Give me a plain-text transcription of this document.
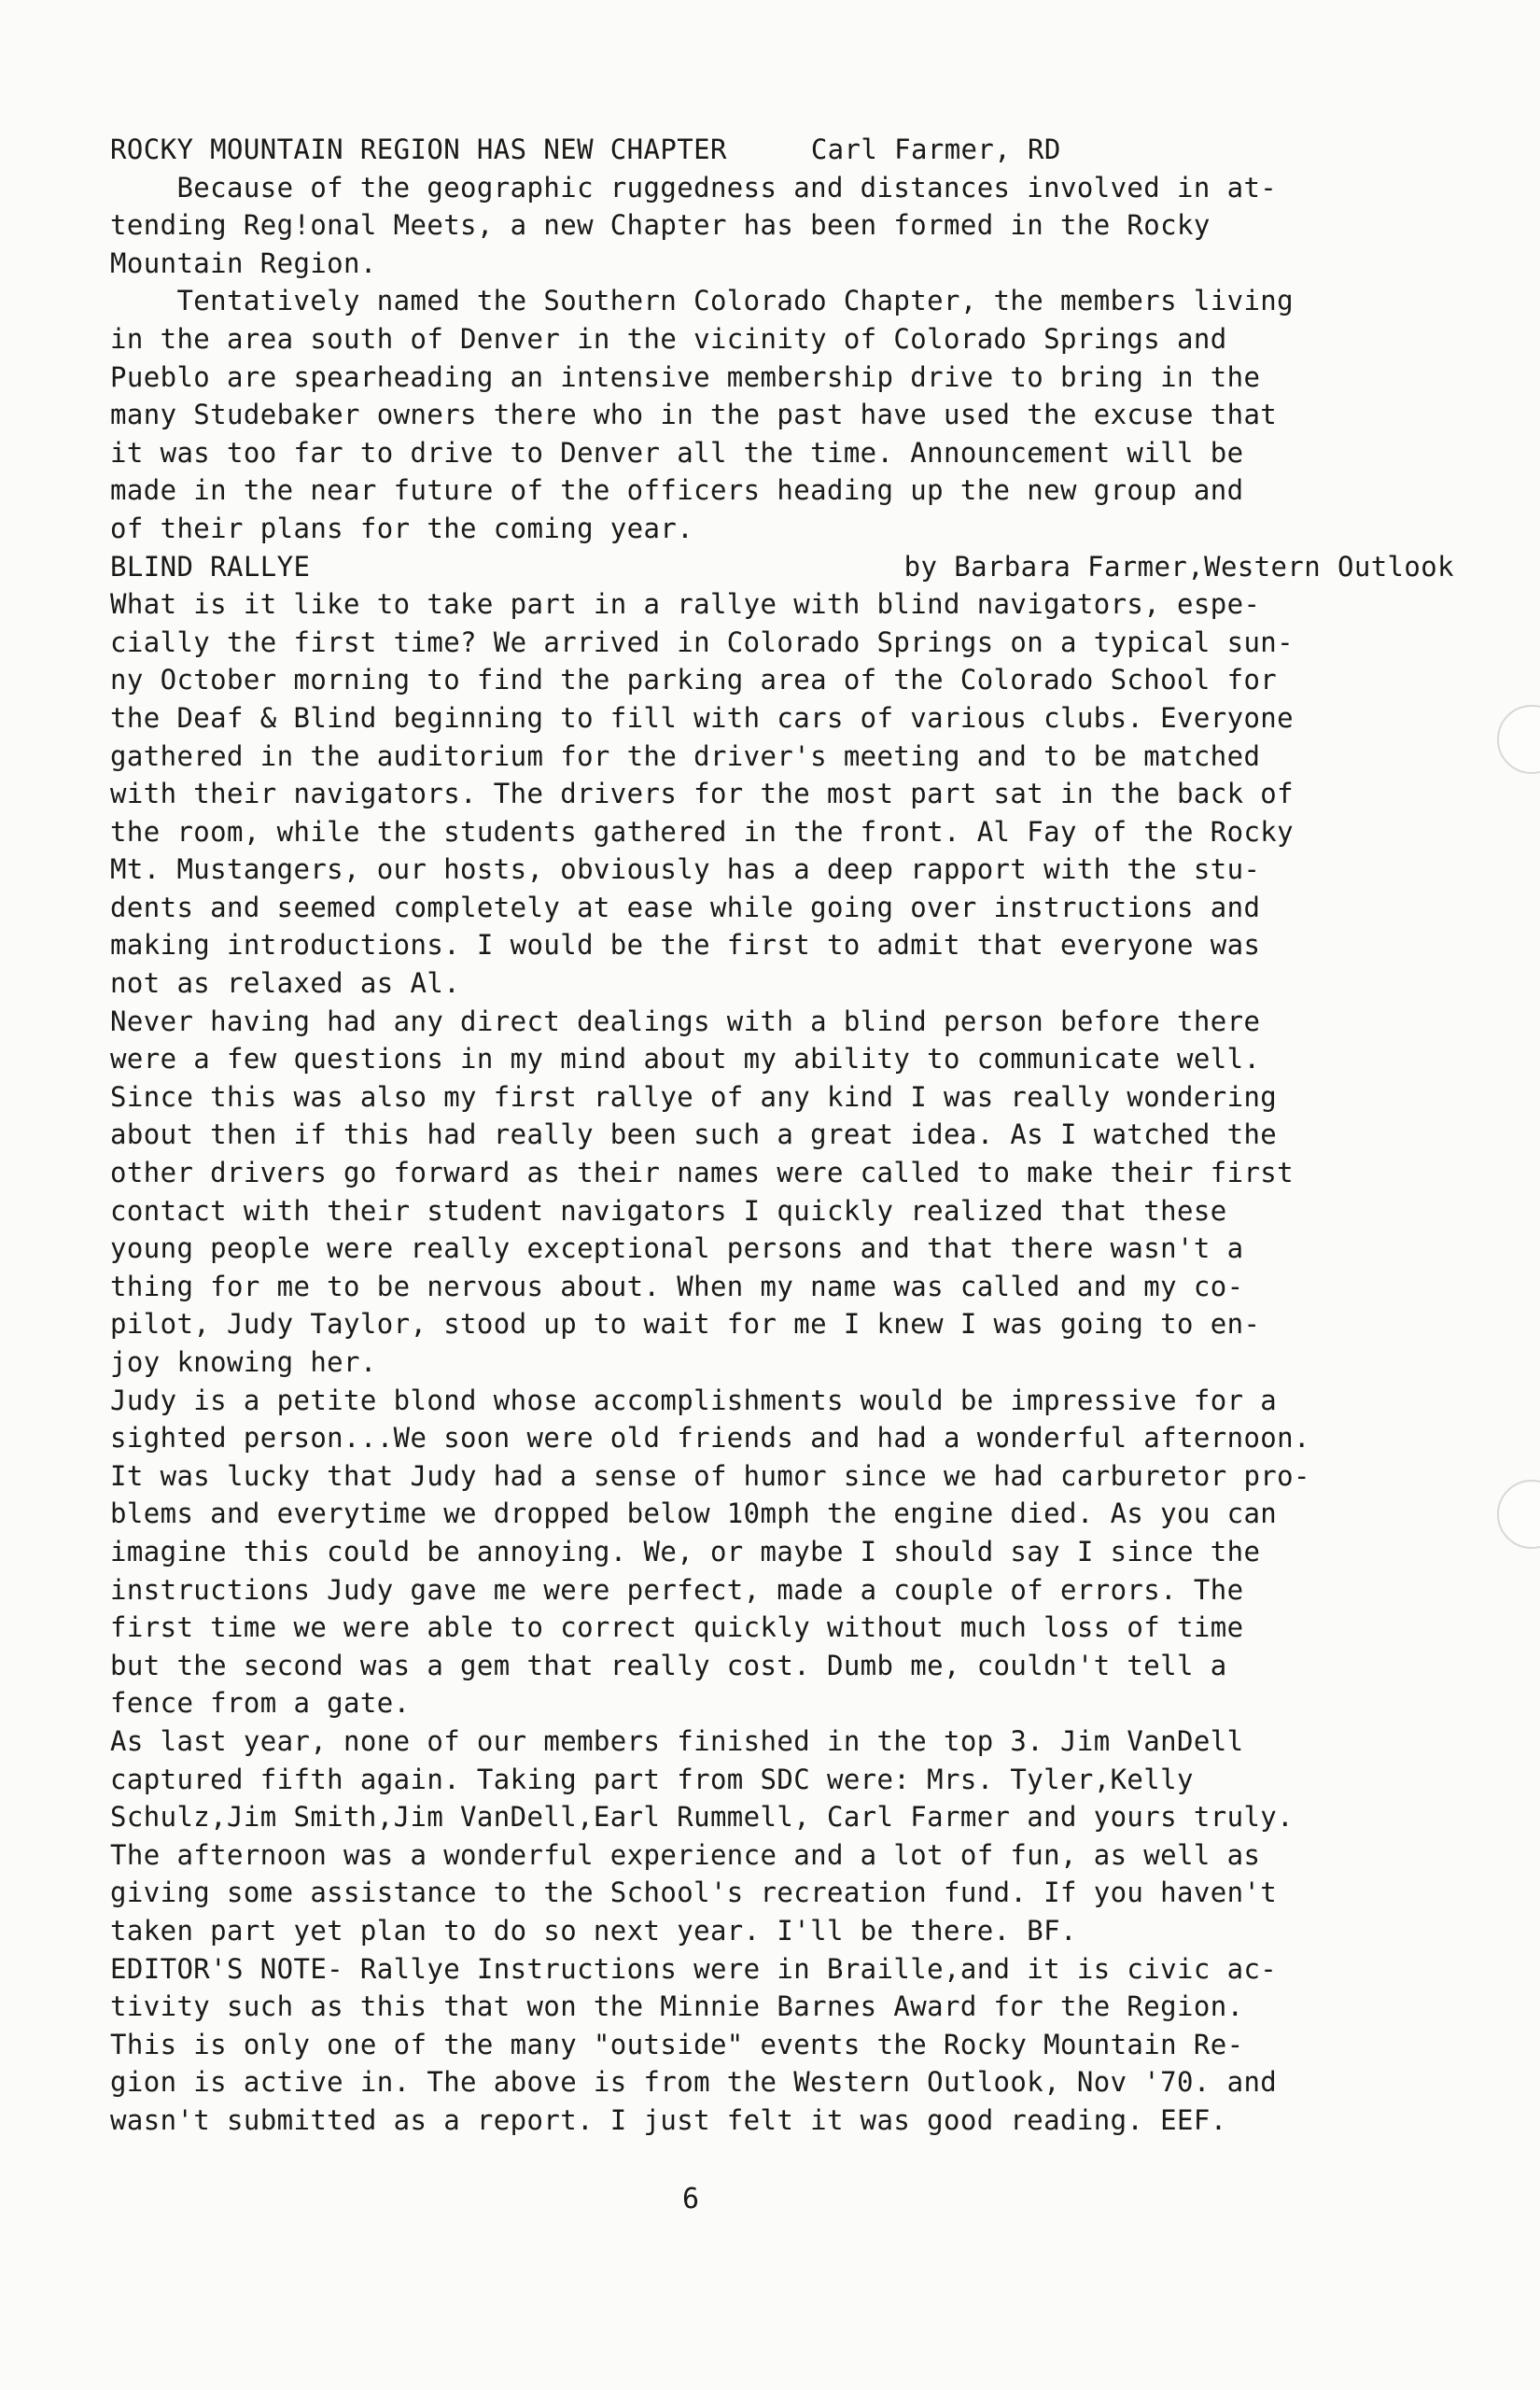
ROCKY MOUNTAIN REGION HAS NEW CHAPTER	Carl Farmer, RD
Because of the geographic ruggedness and distances involved in at-
tending Reg!onal Meets, a new Chapter has been formed in the Rocky
Mountain Region.
Tentatively named the Southern Colorado Chapter, the members living
in the area south of Denver in the vicinity of Colorado Springs and
Pueblo are spearheading an intensive membership drive to bring in the
many Studebaker owners there who in the past have used the excuse that
it was too far to drive to Denver all the time. Announcement will be
made in the near future of the officers heading up the new group and
of their plans for the coming year.
BLIND RALLYE	by Barbara Farmer,Western Outlook
What is it like to take part in a rallye with blind navigators, espe-
cially the first time? We arrived in Colorado Springs on a typical sun-
ny October morning to find the parking area of the Colorado School for
the Deaf & Blind beginning to fill with cars of various clubs. Everyone
gathered in the auditorium for the driver's meeting and to be matched
with their navigators. The drivers for the most part sat in the back of
the room, while the students gathered in the front. Al Fay of the Rocky
Mt. Mustangers, our hosts, obviously has a deep rapport with the stu-
dents and seemed completely at ease while going over instructions and
making introductions. I would be the first to admit that everyone was
not as relaxed as Al.
Never having had any direct dealings with a blind person before there
were a few questions in my mind about my ability to communicate well.
Since this was also my first rallye of any kind I was really wondering
about then if this had really been such a great idea. As I watched the
other drivers go forward as their names were called to make their first
contact with their student navigators I quickly realized that these
young people were really exceptional persons and that there wasn't a
thing for me to be nervous about. When my name was called and my co-
pilot, Judy Taylor, stood up to wait for me I knew I was going to en-
joy knowing her.
Judy is a petite blond whose accomplishments would be impressive for a
sighted person...We soon were old friends and had a wonderful afternoon.
It was lucky that Judy had a sense of humor since we had carburetor pro-
blems and everytime we dropped below 10mph the engine died. As you can
imagine this could be annoying. We, or maybe I should say I since the
instructions Judy gave me were perfect, made a couple of errors. The
first time we were able to correct quickly without much loss of time
but the second was a gem that really cost. Dumb me, couldn't tell a
fence from a gate.
As last year, none of our members finished in the top 3. Jim VanDell
captured fifth again. Taking part from SDC were: Mrs. Tyler,Kelly
Schulz,Jim Smith,Jim VanDell,Earl Rummell, Carl Farmer and yours truly.
The afternoon was a wonderful experience and a lot of fun, as well as
giving some assistance to the School's recreation fund. If you haven't
taken part yet plan to do so next year. I'll be there. BF.
EDITOR'S NOTE- Rallye Instructions were in Braille,and it is civic ac-
tivity such as this that won the Minnie Barnes Award for the Region.
This is only one of the many "outside" events the Rocky Mountain Re-
gion is active in. The above is from the Western Outlook, Nov '70. and
wasn't submitted as a report. I just felt it was good reading. EEF.
6
